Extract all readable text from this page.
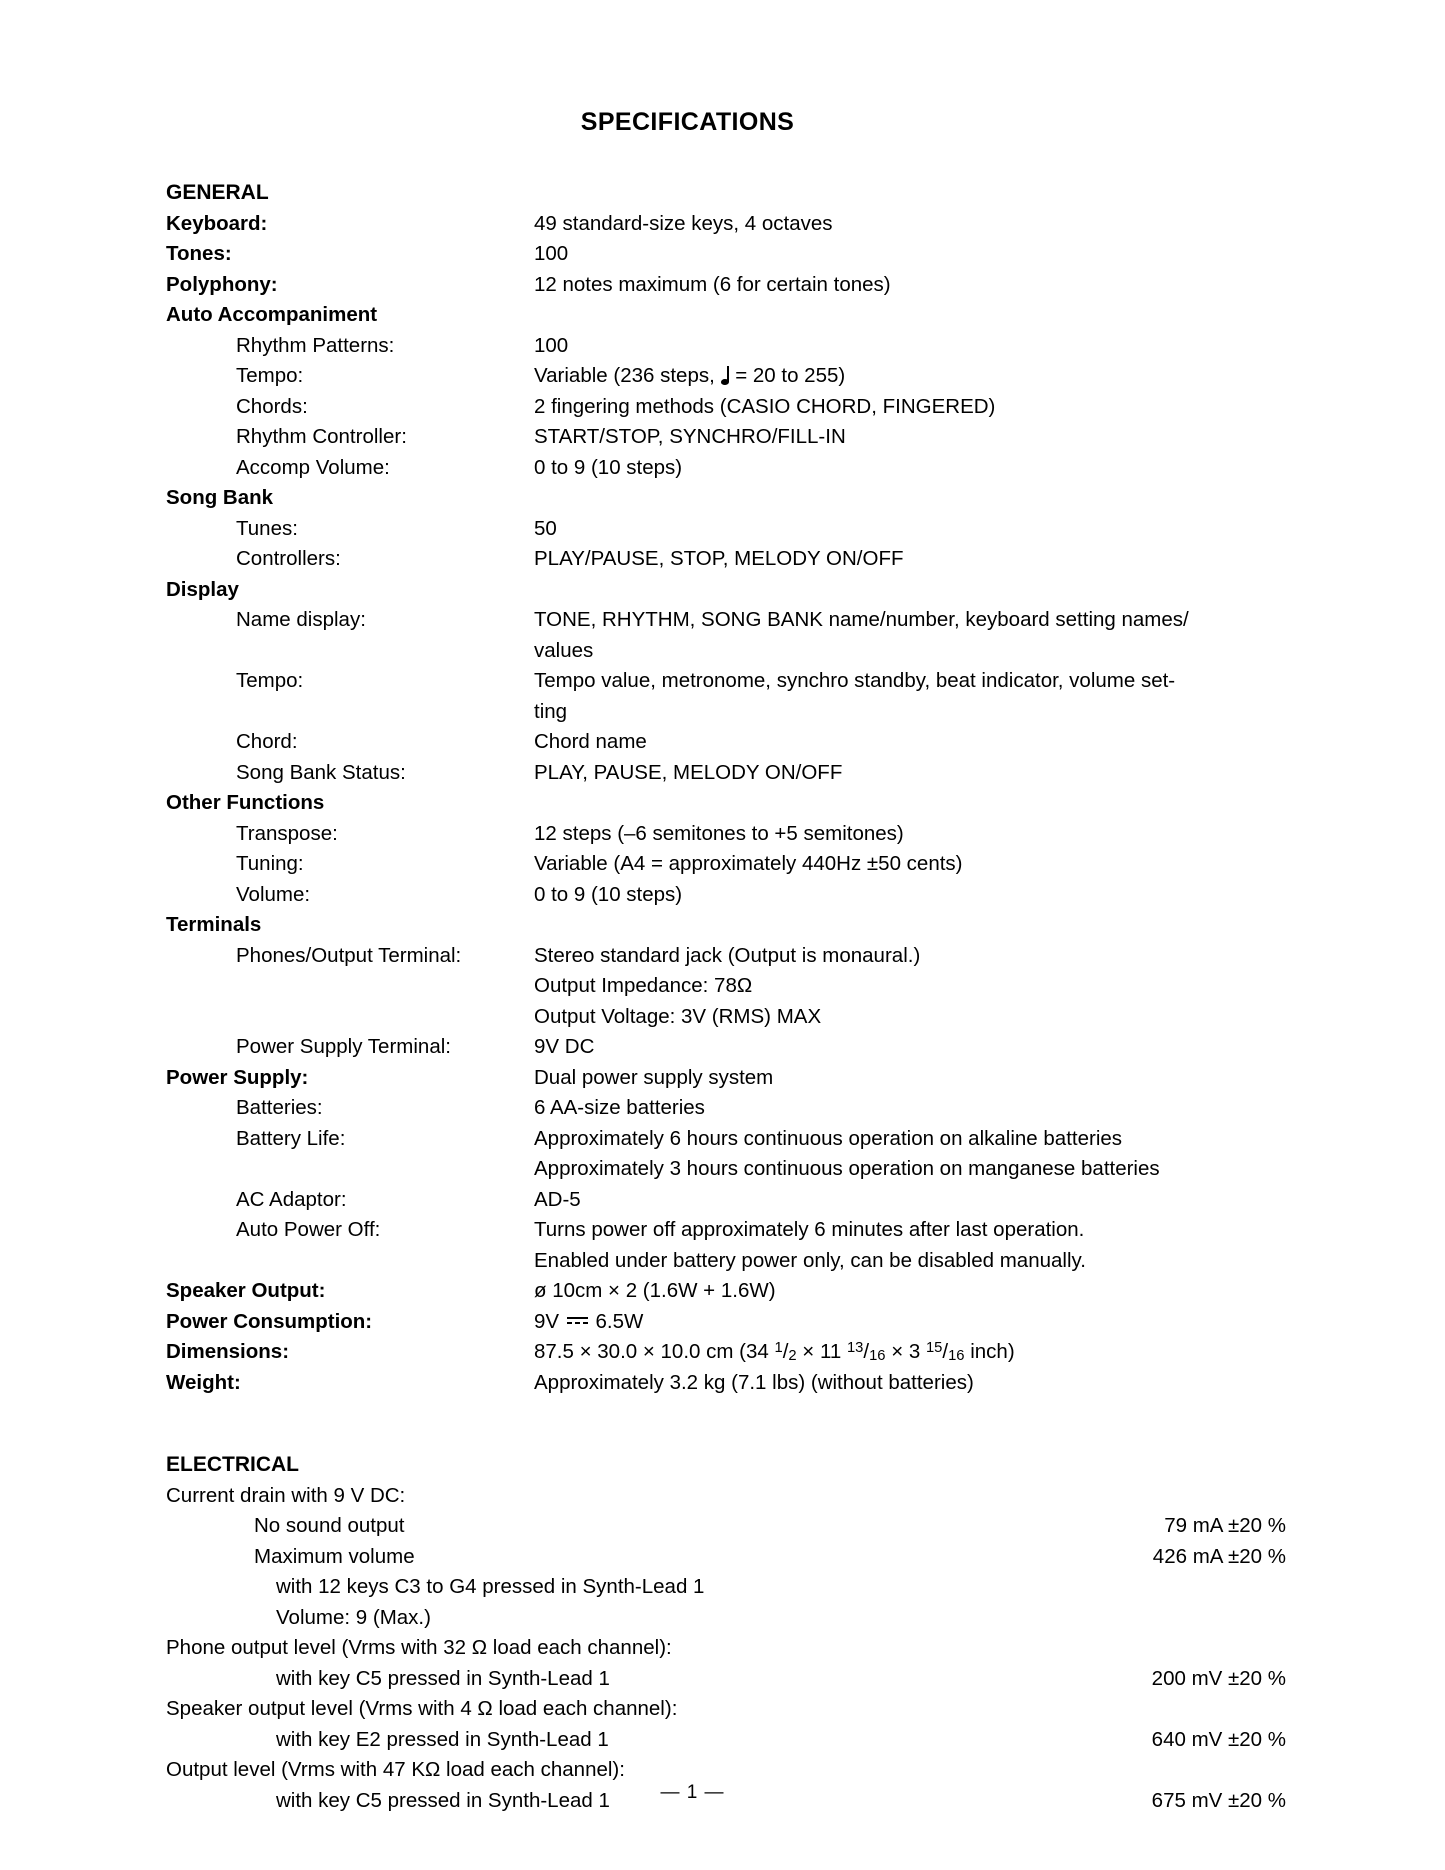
SPECIFICATIONS
GENERAL
Keyboard:	49 standard-size keys, 4 octaves
Tones:	100
Polyphony:	12 notes maximum (6 for certain tones)
Auto Accompaniment
Rhythm Patterns:	100
Tempo:	Variable (236 steps,  = 20 to 255)
Chords:	2 fingering methods (CASIO CHORD, FINGERED)
Rhythm Controller:	START/STOP, SYNCHRO/FILL-IN
Accomp Volume:	0 to 9 (10 steps)
Song Bank
Tunes:	50
Controllers:	PLAY/PAUSE, STOP, MELODY ON/OFF
Display
Name display:	TONE, RHYTHM, SONG BANK name/number, keyboard setting names/
values
Tempo:	Tempo value, metronome, synchro standby, beat indicator, volume set-
ting
Chord:	Chord name
Song Bank Status:	PLAY, PAUSE, MELODY ON/OFF
Other Functions
Transpose:	12 steps (–6 semitones to +5 semitones)
Tuning:	Variable (A4 = approximately 440Hz ±50 cents)
Volume:	0 to 9 (10 steps)
Terminals
Phones/Output Terminal:	Stereo standard jack (Output is monaural.)
Output Impedance: 78Ω
Output Voltage: 3V (RMS) MAX
Power Supply Terminal:	9V DC
Power Supply:	Dual power supply system
Batteries:	6 AA-size batteries
Battery Life:	Approximately 6 hours continuous operation on alkaline batteries
Approximately 3 hours continuous operation on manganese batteries
AC Adaptor:	AD-5
Auto Power Off:	Turns power off approximately 6 minutes after last operation.
Enabled under battery power only, can be disabled manually.
Speaker Output:	ø 10cm × 2 (1.6W + 1.6W)
Power Consumption:	9V  6.5W
Dimensions:	87.5 × 30.0 × 10.0 cm (34 $^1/_2 \times 11$ $^{13}/_{16} \times 3$ $^{15}/_{16}$ inch)
Weight:	Approximately 3.2 kg (7.1 lbs) (without batteries)
ELECTRICAL
Current drain with 9 V DC:
No sound output	79 mA ±20 %
Maximum volume	426 mA ±20 %
with 12 keys C3 to G4 pressed in Synth-Lead 1
Volume: 9 (Max.)
Phone output level (Vrms with 32 Ω load each channel):
with key C5 pressed in Synth-Lead 1	200 mV ±20 %
Speaker output level (Vrms with 4 Ω load each channel):
with key E2 pressed in Synth-Lead 1	640 mV ±20 %
Output level (Vrms with 47 KΩ load each channel):
with key C5 pressed in Synth-Lead 1	675 mV ±20 %
— 1 —
